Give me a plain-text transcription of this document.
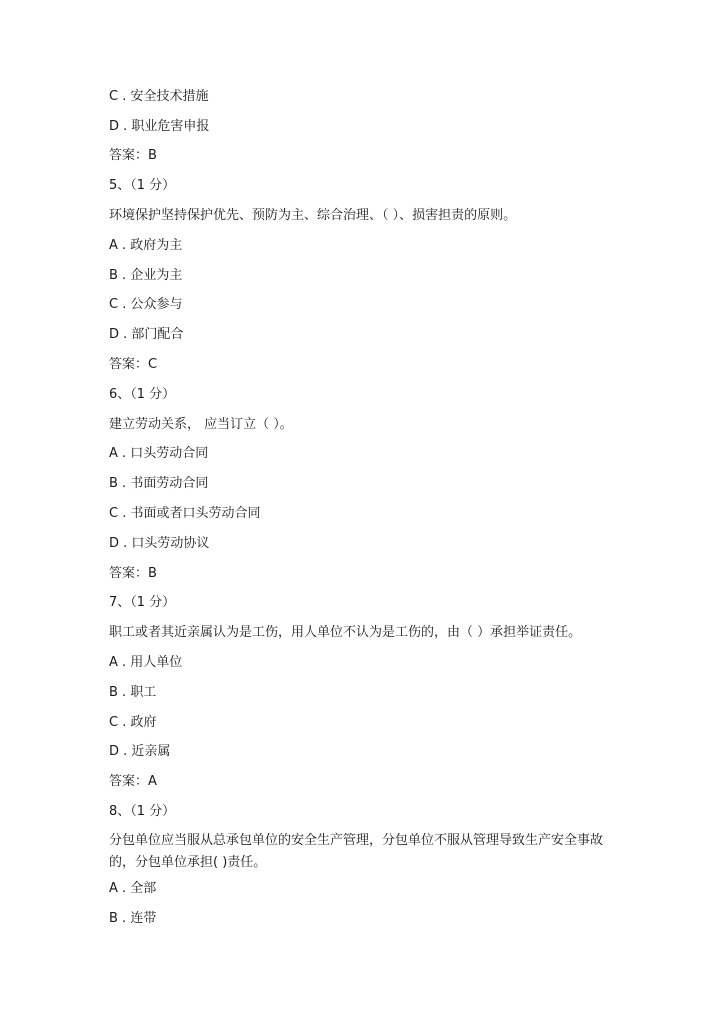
C . 安全技术措施
D . 职业危害申报
答案：B
5、（1 分）
环境保护坚持保护优先、预防为主、综合治理、（ ）、损害担责的原则。
A . 政府为主
B . 企业为主
C . 公众参与
D . 部门配合
答案：C
6、（1 分）
建立劳动关系， 应当订立（ ）。
A . 口头劳动合同
B . 书面劳动合同
C . 书面或者口头劳动合同
D . 口头劳动协议
答案：B
7、（1 分）
职工或者其近亲属认为是工伤，用人单位不认为是工伤的，由（ ）承担举证责任。
A . 用人单位
B . 职工
C . 政府
D . 近亲属
答案：A
8、（1 分）
分包单位应当服从总承包单位的安全生产管理，分包单位不服从管理导致生产安全事故的，分包单位承担( )责任。
A . 全部
B . 连带
